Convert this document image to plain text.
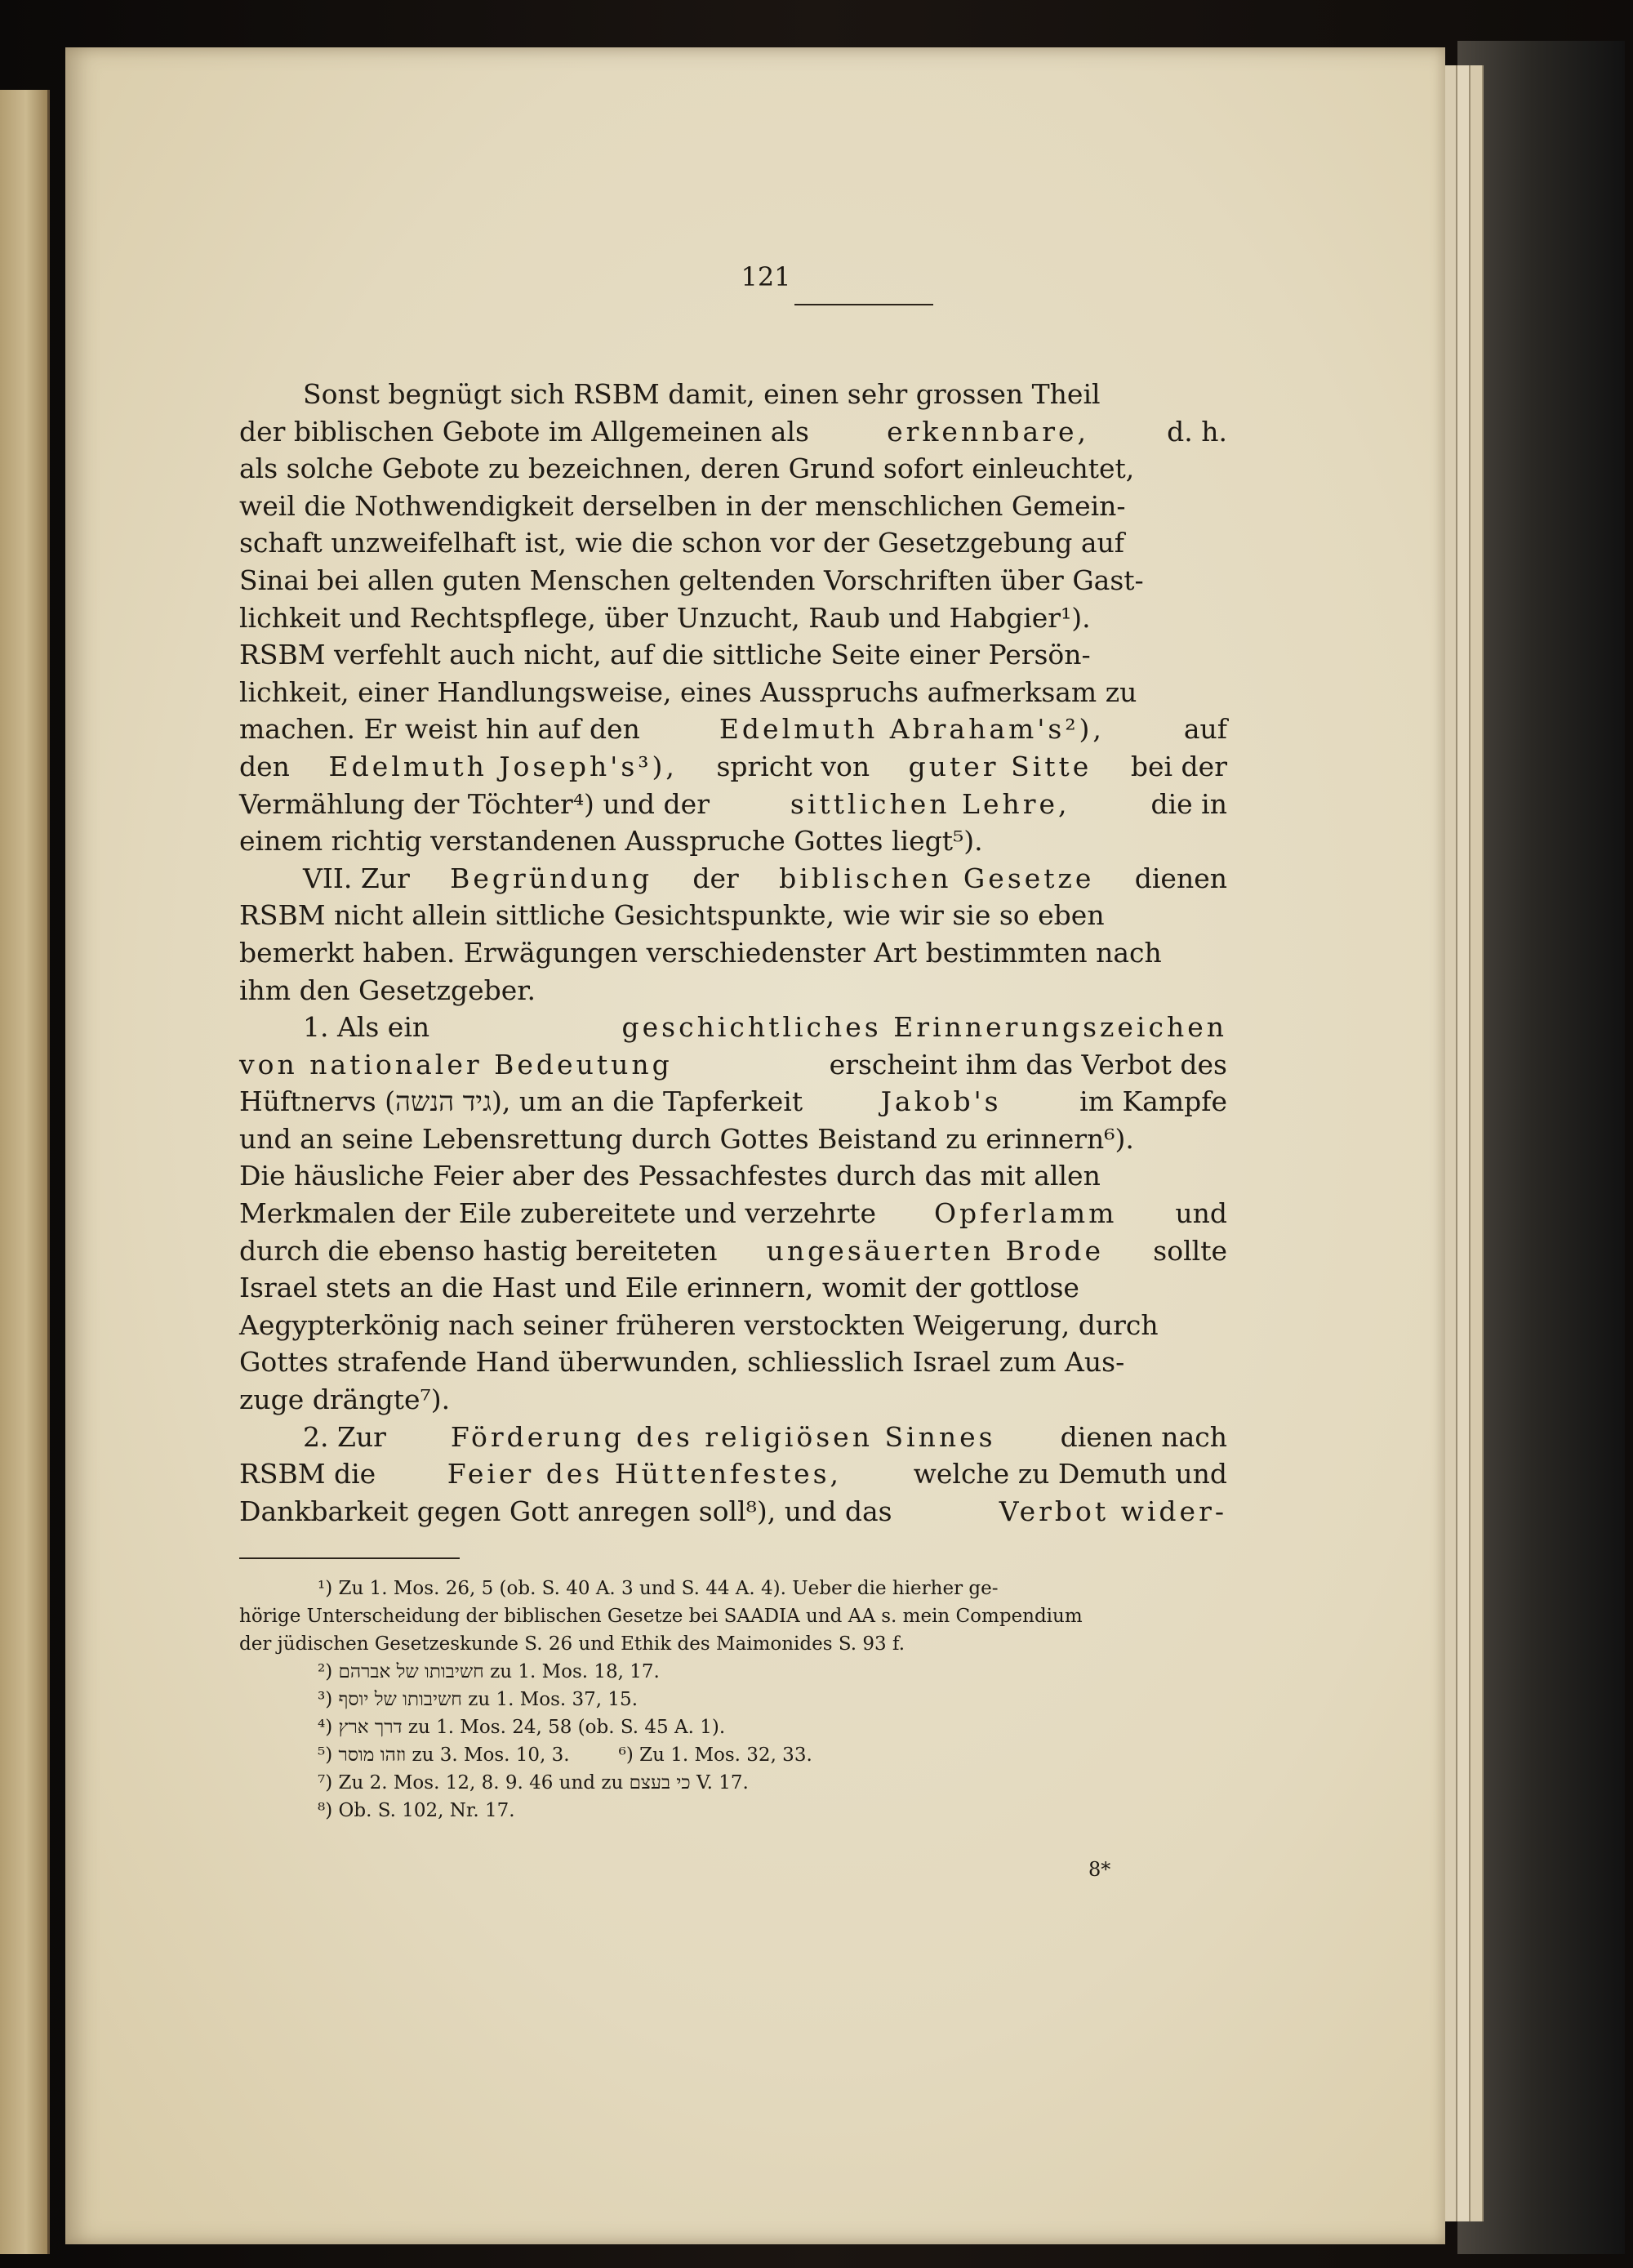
121
Sonst begnügt sich RSBM damit, einen sehr grossen Theil
der biblischen Gebote im Allgemeinen als	erkennbare,	d. h.
als solche Gebote zu bezeichnen, deren Grund sofort einleuchtet,
weil die Nothwendigkeit derselben in der menschlichen Gemein-
schaft unzweifelhaft ist, wie die schon vor der Gesetzgebung auf
Sinai bei allen guten Menschen geltenden Vorschriften über Gast-
lichkeit und Rechtspflege, über Unzucht, Raub und Habgier¹).
RSBM verfehlt auch nicht, auf die sittliche Seite einer Persön-
lichkeit, einer Handlungsweise, eines Ausspruchs aufmerksam zu
machen. Er weist hin auf den	Edelmuth Abraham's²),	auf
den Edelmuth Joseph's³), spricht von guter Sitte bei der
Vermählung der Töchter⁴) und der	sittlichen Lehre,	die in
einem richtig verstandenen Ausspruche Gottes liegt⁵).
VII. Zur Begründung der biblischen Gesetze dienen
RSBM nicht allein sittliche Gesichtspunkte, wie wir sie so eben
bemerkt haben. Erwägungen verschiedenster Art bestimmten nach
ihm den Gesetzgeber.
1. Als ein	geschichtliches Erinnerungszeichen
von nationaler Bedeutung	erscheint ihm das Verbot des
Hüftnervs (גיד הנשה), um an die Tapferkeit	Jakob's	im Kampfe
und an seine Lebensrettung durch Gottes Beistand zu erinnern⁶).
Die häusliche Feier aber des Pessachfestes durch das mit allen
Merkmalen der Eile zubereitete und verzehrte Opferlamm und
durch die ebenso hastig bereiteten ungesäuerten Brode sollte
Israel stets an die Hast und Eile erinnern, womit der gottlose
Aegypterkönig nach seiner früheren verstockten Weigerung, durch
Gottes strafende Hand überwunden, schliesslich Israel zum Aus-
zuge drängte⁷).
2. Zur Förderung des religiösen Sinnes dienen nach
RSBM die	Feier des Hüttenfestes,	welche zu Demuth und
Dankbarkeit gegen Gott anregen soll⁸), und das	Verbot wider-
¹) Zu 1. Mos. 26, 5 (ob. S. 40 A. 3 und S. 44 A. 4). Ueber die hierher ge-
hörige Unterscheidung der biblischen Gesetze bei SAADIA und AA s. mein Compendium
der jüdischen Gesetzeskunde S. 26 und Ethik des Maimonides S. 93 f.
²) חשיבותו של אברהם zu 1. Mos. 18, 17.
³) חשיבותו של יוסף zu 1. Mos. 37, 15.
⁴) דרך ארץ zu 1. Mos. 24, 58 (ob. S. 45 A. 1).
⁵) וזהו מוסר zu 3. Mos. 10, 3.	⁶) Zu 1. Mos. 32, 33.
⁷) Zu 2. Mos. 12, 8. 9. 46 und zu כי בעצם V. 17.
⁸) Ob. S. 102, Nr. 17.
8*
